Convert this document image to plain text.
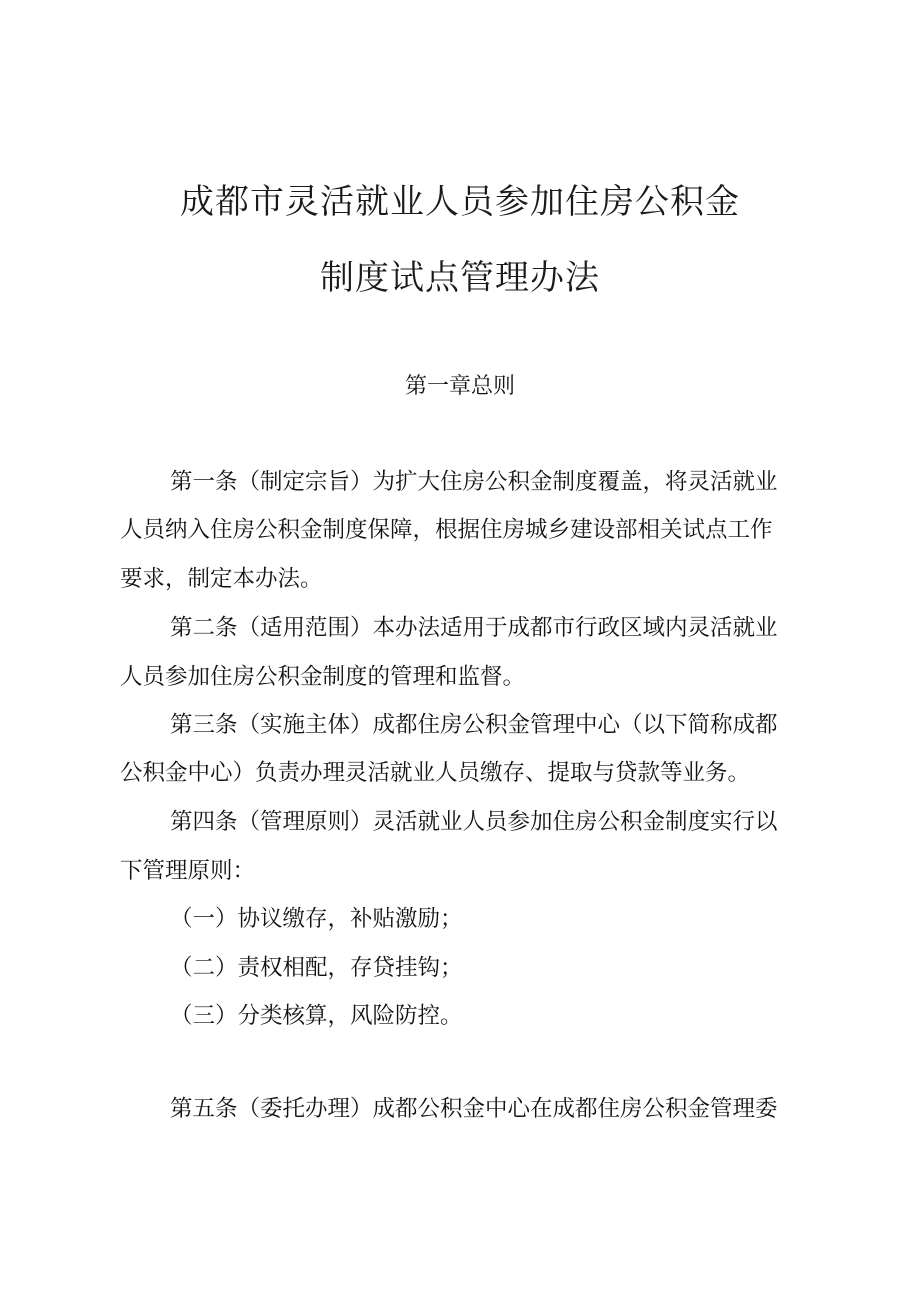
成都市灵活就业人员参加住房公积金
制度试点管理办法
第一章总则
第一条（制定宗旨）为扩大住房公积金制度覆盖，将灵活就业
人员纳入住房公积金制度保障，根据住房城乡建设部相关试点工作
要求，制定本办法。
第二条（适用范围）本办法适用于成都市行政区域内灵活就业
人员参加住房公积金制度的管理和监督。
第三条（实施主体）成都住房公积金管理中心（以下简称成都
公积金中心）负责办理灵活就业人员缴存、提取与贷款等业务。
第四条（管理原则）灵活就业人员参加住房公积金制度实行以
下管理原则：
（一）协议缴存，补贴激励；
（二）责权相配，存贷挂钩；
（三）分类核算，风险防控。
第五条（委托办理）成都公积金中心在成都住房公积金管理委
